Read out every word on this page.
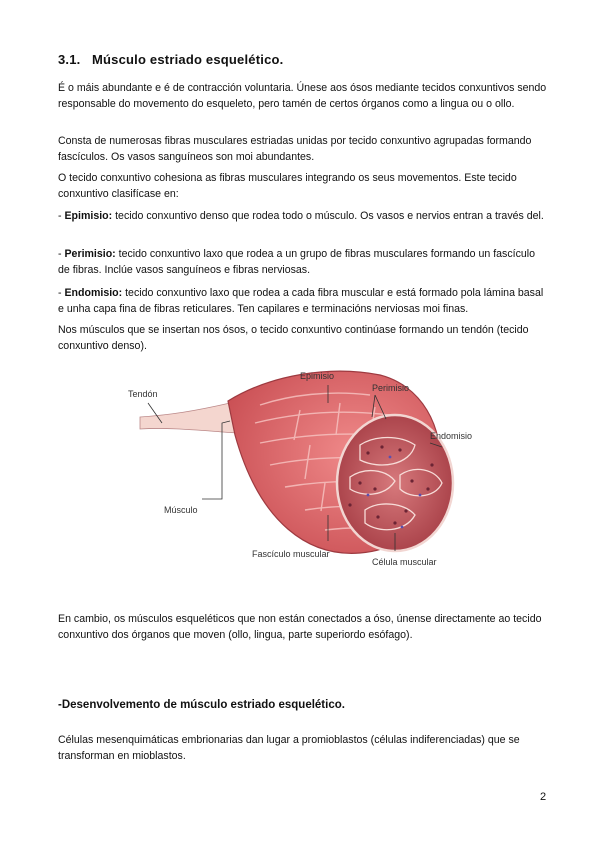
3.1. Músculo estriado esquelético.

É o máis abundante e é de contracción voluntaria. Únese aos ósos mediante tecidos conxuntivos sendo responsable do movemento do esqueleto, pero tamén de certos órganos como a lingua ou o ollo.

Consta de numerosas fibras musculares estriadas unidas por tecido conxuntivo agrupadas formando fascículos. Os vasos sanguíneos son moi abundantes.

O tecido conxuntivo cohesiona as fibras musculares integrando os seus movementos. Este tecido conxuntivo clasifícase en:

- Epimisio: tecido conxuntivo denso que rodea todo o músculo. Os vasos e nervios entran a través del.

- Perimisio: tecido conxuntivo laxo que rodea a un grupo de fibras musculares formando un fascículo de fibras. Inclúe vasos sanguíneos e fibras nerviosas.

- Endomisio: tecido conxuntivo laxo que rodea a cada fibra muscular e está formado pola lámina basal e unha capa fina de fibras reticulares. Ten capilares e terminacións nerviosas moi finas.

Nos músculos que se insertan nos ósos, o tecido conxuntivo continúase formando un tendón (tecido conxuntivo denso).

Tendón
Epimisio
Perimisio
Endomisio
Músculo
Fascículo muscular
Célula muscular

En cambio, os músculos esqueléticos que non están conectados a óso, únense directamente ao tecido conxuntivo dos órganos que moven (ollo, lingua, parte superiordo esófago).

-Desenvolvemento de músculo estriado esquelético.

Células mesenquimáticas embrionarias dan lugar a promioblastos (células indiferenciadas) que se transforman en mioblastos.

2
